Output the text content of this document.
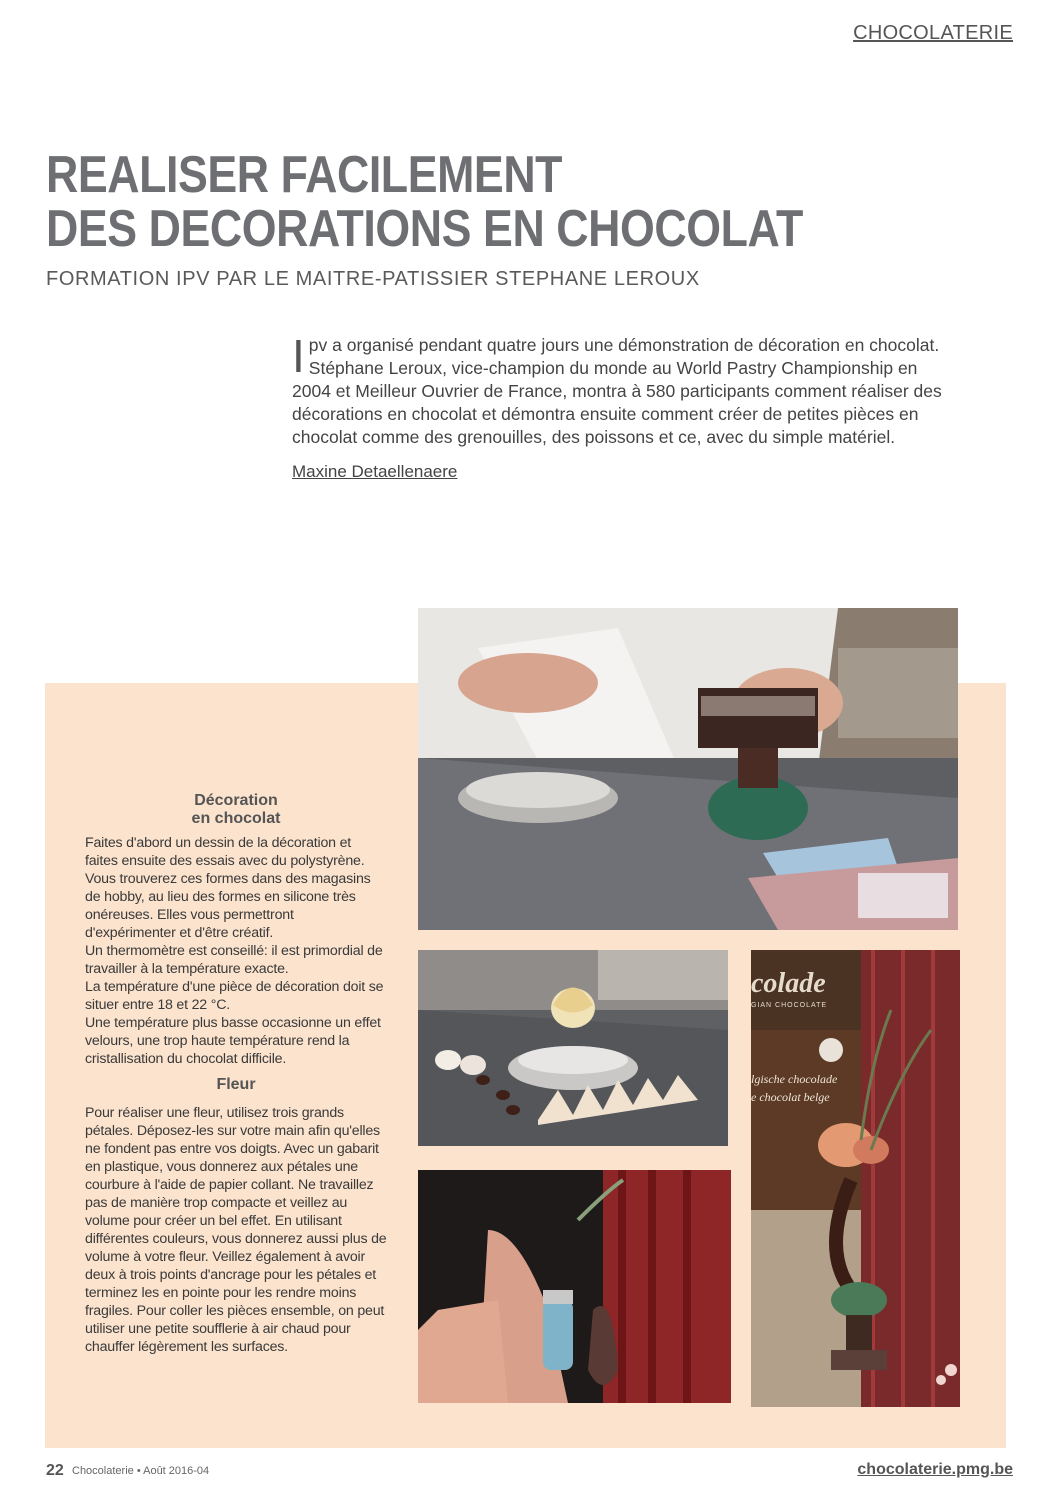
CHOCOLATERIE
REALISER FACILEMENT
DES DECORATIONS EN CHOCOLAT
FORMATION IPV PAR LE MAITRE-PATISSIER STEPHANE LEROUX
Ipv a organisé pendant quatre jours une démonstration de décoration en chocolat. Stéphane Leroux, vice-champion du monde au World Pastry Championship en 2004 et Meilleur Ouvrier de France, montra à 580 participants comment réaliser des décorations en chocolat et démontra ensuite comment créer de petites pièces en chocolat comme des grenouilles, des poissons et ce, avec du simple matériel.
Maxine Detaellenaere
Décoration
en chocolat

Faites d'abord un dessin de la décoration et faites ensuite des essais avec du polystyrène. Vous trouverez ces formes dans des magasins de hobby, au lieu des formes en silicone très onéreuses. Elles vous permettront d'expérimenter et d'être créatif.

Un thermomètre est conseillé: il est primordial de travailler à la température exacte.

La température d'une pièce de décoration doit se situer entre 18 et 22 °C.

Une température plus basse occasionne un effet velours, une trop haute température rend la cristallisation du chocolat difficile.

Fleur

Pour réaliser une fleur, utilisez trois grands pétales. Déposez-les sur votre main afin qu'elles ne fondent pas entre vos doigts. Avec un gabarit en plastique, vous donnerez aux pétales une courbure à l'aide de papier collant. Ne travaillez pas de manière trop compacte et veillez au volume pour créer un bel effet. En utilisant différentes couleurs, vous donnerez aussi plus de volume à votre fleur. Veillez également à avoir deux à trois points d'ancrage pour les pétales et terminez les en pointe pour les rendre moins fragiles. Pour coller les pièces ensemble, on peut utiliser une petite soufflerie à air chaud pour chauffer légèrement les surfaces.

colade
GIAN CHOCOLATE
lgische chocolade
e chocolat belge
22 Chocolaterie • Août 2016-04	chocolaterie.pmg.be
